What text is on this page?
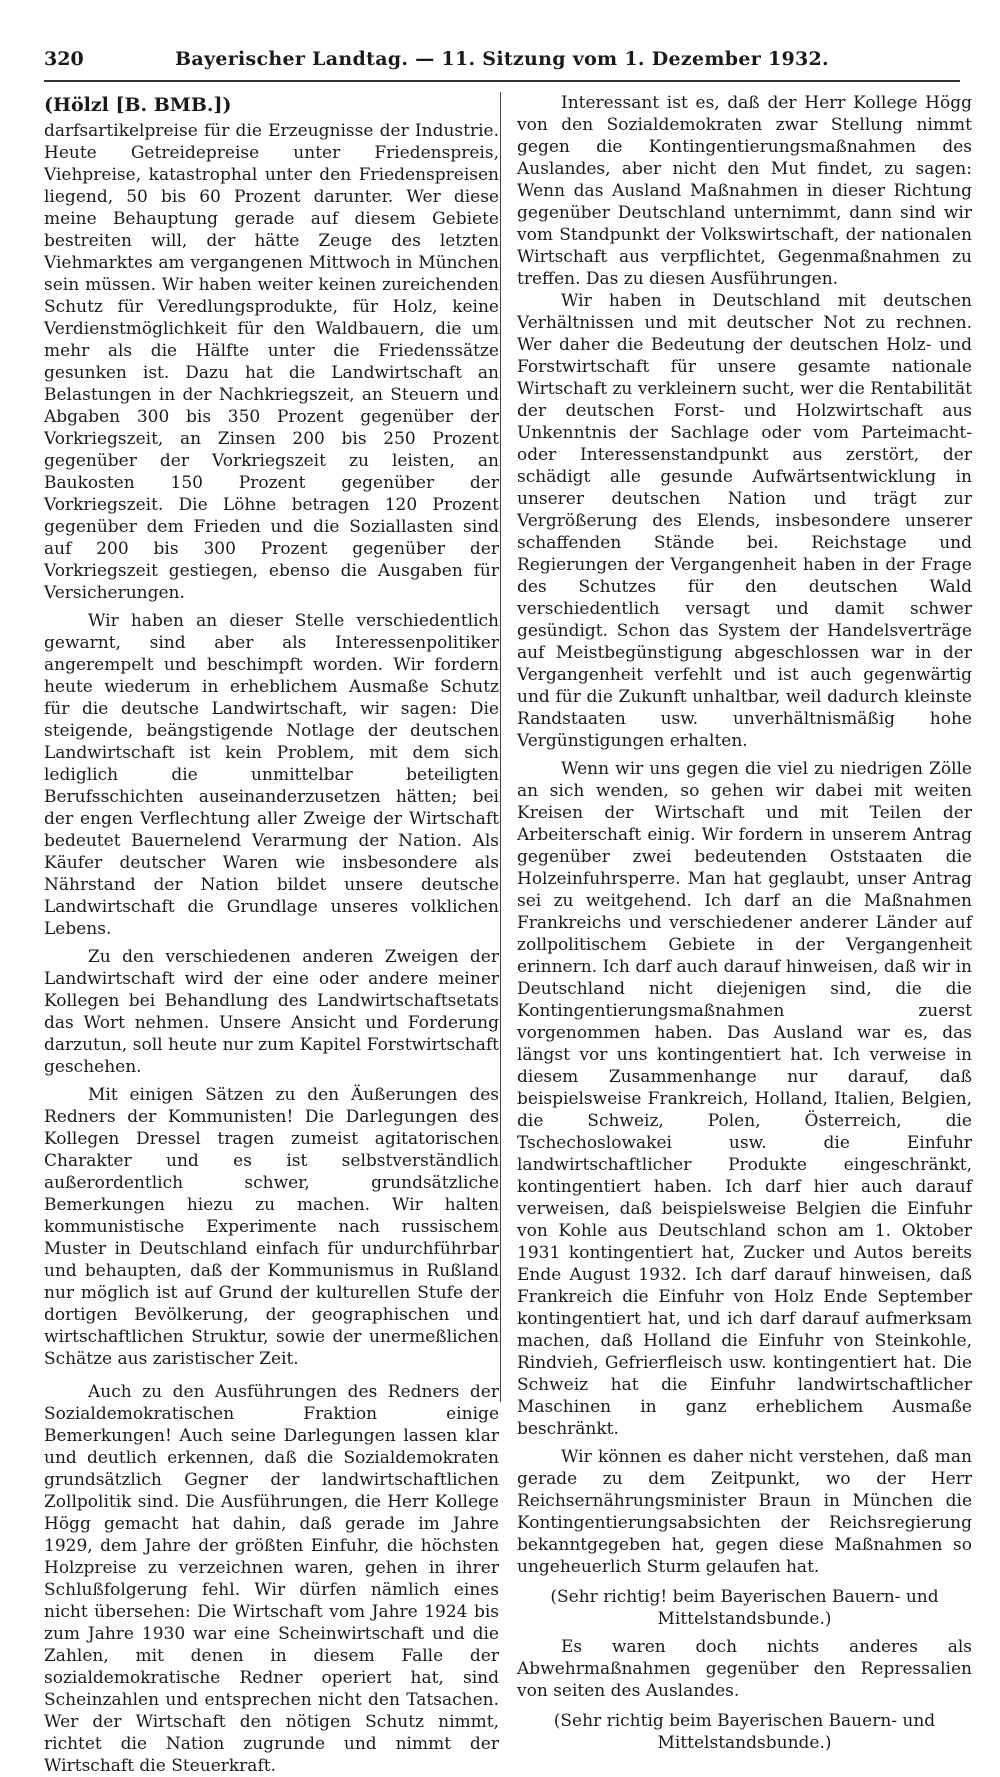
320	Bayerischer Landtag. — 11. Sitzung vom 1. Dezember 1932.
(Hölzl [B. BMB.])

darfsartikelpreise für die Erzeugnisse der Industrie. Heute Getreidepreise unter Friedenspreis, Viehpreise, katastrophal unter den Friedenspreisen liegend, 50 bis 60 Prozent darunter. Wer diese meine Behauptung gerade auf diesem Gebiete bestreiten will, der hätte Zeuge des letzten Viehmarktes am vergangenen Mittwoch in München sein müssen. Wir haben weiter keinen zureichenden Schutz für Veredlungsprodukte, für Holz, keine Verdienstmöglichkeit für den Waldbauern, die um mehr als die Hälfte unter die Friedenssätze gesunken ist. Dazu hat die Landwirtschaft an Belastungen in der Nachkriegszeit, an Steuern und Abgaben 300 bis 350 Prozent gegenüber der Vorkriegszeit, an Zinsen 200 bis 250 Prozent gegenüber der Vorkriegszeit zu leisten, an Baukosten 150 Prozent gegenüber der Vorkriegszeit. Die Löhne betragen 120 Prozent gegenüber dem Frieden und die Soziallasten sind auf 200 bis 300 Prozent gegenüber der Vorkriegszeit gestiegen, ebenso die Ausgaben für Versicherungen.

Wir haben an dieser Stelle verschiedentlich gewarnt, sind aber als Interessenpolitiker angerempelt und beschimpft worden. Wir fordern heute wiederum in erheblichem Ausmaße Schutz für die deutsche Landwirtschaft, wir sagen: Die steigende, beängstigende Notlage der deutschen Landwirtschaft ist kein Problem, mit dem sich lediglich die unmittelbar beteiligten Berufsschichten auseinanderzusetzen hätten; bei der engen Verflechtung aller Zweige der Wirtschaft bedeutet Bauernelend Verarmung der Nation. Als Käufer deutscher Waren wie insbesondere als Nährstand der Nation bildet unsere deutsche Landwirtschaft die Grundlage unseres volklichen Lebens.

Zu den verschiedenen anderen Zweigen der Landwirtschaft wird der eine oder andere meiner Kollegen bei Behandlung des Landwirtschaftsetats das Wort nehmen. Unsere Ansicht und Forderung darzutun, soll heute nur zum Kapitel Forstwirtschaft geschehen.

Mit einigen Sätzen zu den Äußerungen des Redners der Kommunisten! Die Darlegungen des Kollegen Dressel tragen zumeist agitatorischen Charakter und es ist selbstverständlich außerordentlich schwer, grundsätzliche Bemerkungen hiezu zu machen. Wir halten kommunistische Experimente nach russischem Muster in Deutschland einfach für undurchführbar und behaupten, daß der Kommunismus in Rußland nur möglich ist auf Grund der kulturellen Stufe der dortigen Bevölkerung, der geographischen und wirtschaftlichen Struktur, sowie der unermeßlichen Schätze aus zaristischer Zeit.

Auch zu den Ausführungen des Redners der Sozialdemokratischen Fraktion einige Bemerkungen! Auch seine Darlegungen lassen klar und deutlich erkennen, daß die Sozialdemokraten grundsätzlich Gegner der landwirtschaftlichen Zollpolitik sind. Die Ausführungen, die Herr Kollege Högg gemacht hat dahin, daß gerade im Jahre 1929, dem Jahre der größten Einfuhr, die höchsten Holzpreise zu verzeichnen waren, gehen in ihrer Schlußfolgerung fehl. Wir dürfen nämlich eines nicht übersehen: Die Wirtschaft vom Jahre 1924 bis zum Jahre 1930 war eine Scheinwirtschaft und die Zahlen, mit denen in diesem Falle der sozialdemokratische Redner operiert hat, sind Scheinzahlen und entsprechen nicht den Tatsachen. Wer der Wirtschaft den nötigen Schutz nimmt, richtet die Nation zugrunde und nimmt der Wirtschaft die Steuerkraft.

Interessant ist es, daß der Herr Kollege Högg von den Sozialdemokraten zwar Stellung nimmt gegen die Kontingentierungsmaßnahmen des Auslandes, aber nicht den Mut findet, zu sagen: Wenn das Ausland Maßnahmen in dieser Richtung gegenüber Deutschland unternimmt, dann sind wir vom Standpunkt der Volkswirtschaft, der nationalen Wirtschaft aus verpflichtet, Gegenmaßnahmen zu treffen. Das zu diesen Ausführungen.

Wir haben in Deutschland mit deutschen Verhältnissen und mit deutscher Not zu rechnen. Wer daher die Bedeutung der deutschen Holz- und Forstwirtschaft für unsere gesamte nationale Wirtschaft zu verkleinern sucht, wer die Rentabilität der deutschen Forst- und Holzwirtschaft aus Unkenntnis der Sachlage oder vom Parteimacht- oder Interessenstandpunkt aus zerstört, der schädigt alle gesunde Aufwärtsentwicklung in unserer deutschen Nation und trägt zur Vergrößerung des Elends, insbesondere unserer schaffenden Stände bei. Reichstage und Regierungen der Vergangenheit haben in der Frage des Schutzes für den deutschen Wald verschiedentlich versagt und damit schwer gesündigt. Schon das System der Handelsverträge auf Meistbegünstigung abgeschlossen war in der Vergangenheit verfehlt und ist auch gegenwärtig und für die Zukunft unhaltbar, weil dadurch kleinste Randstaaten usw. unverhältnismäßig hohe Vergünstigungen erhalten.

Wenn wir uns gegen die viel zu niedrigen Zölle an sich wenden, so gehen wir dabei mit weiten Kreisen der Wirtschaft und mit Teilen der Arbeiterschaft einig. Wir fordern in unserem Antrag gegenüber zwei bedeutenden Oststaaten die Holzeinfuhrsperre. Man hat geglaubt, unser Antrag sei zu weitgehend. Ich darf an die Maßnahmen Frankreichs und verschiedener anderer Länder auf zollpolitischem Gebiete in der Vergangenheit erinnern. Ich darf auch darauf hinweisen, daß wir in Deutschland nicht diejenigen sind, die die Kontingentierungsmaßnahmen zuerst vorgenommen haben. Das Ausland war es, das längst vor uns kontingentiert hat. Ich verweise in diesem Zusammenhange nur darauf, daß beispielsweise Frankreich, Holland, Italien, Belgien, die Schweiz, Polen, Österreich, die Tschechoslowakei usw. die Einfuhr landwirtschaftlicher Produkte eingeschränkt, kontingentiert haben. Ich darf hier auch darauf verweisen, daß beispielsweise Belgien die Einfuhr von Kohle aus Deutschland schon am 1. Oktober 1931 kontingentiert hat, Zucker und Autos bereits Ende August 1932. Ich darf darauf hinweisen, daß Frankreich die Einfuhr von Holz Ende September kontingentiert hat, und ich darf darauf aufmerksam machen, daß Holland die Einfuhr von Steinkohle, Rindvieh, Gefrierfleisch usw. kontingentiert hat. Die Schweiz hat die Einfuhr landwirtschaftlicher Maschinen in ganz erheblichem Ausmaße beschränkt.

Wir können es daher nicht verstehen, daß man gerade zu dem Zeitpunkt, wo der Herr Reichsernährungsminister Braun in München die Kontingentierungsabsichten der Reichsregierung bekanntgegeben hat, gegen diese Maßnahmen so ungeheuerlich Sturm gelaufen hat.

(Sehr richtig! beim Bayerischen Bauern- und Mittelstandsbunde.)

Es waren doch nichts anderes als Abwehrmaßnahmen gegenüber den Repressalien von seiten des Auslandes.

(Sehr richtig beim Bayerischen Bauern- und Mittelstandsbunde.)
